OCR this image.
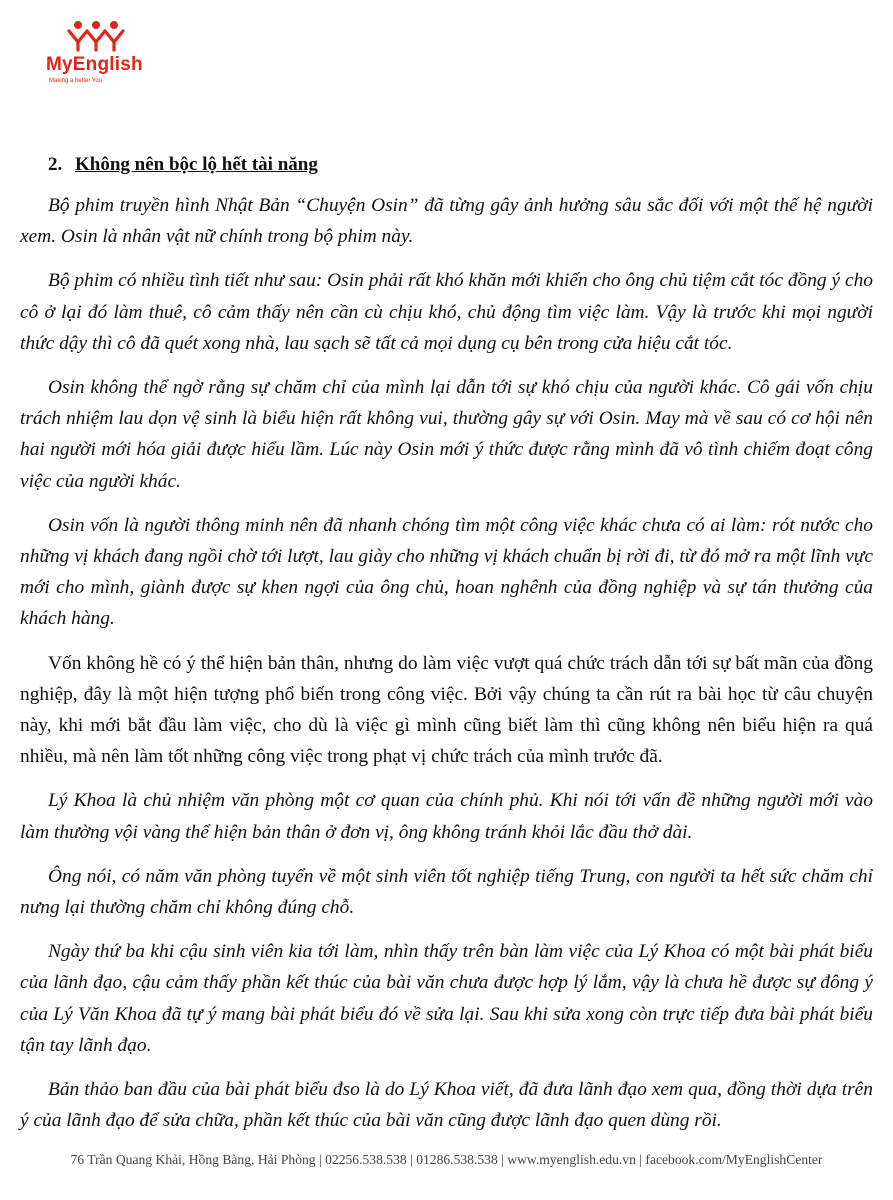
MyEnglish
Making a better You
2. Không nên bộc lộ hết tài năng

Bộ phim truyền hình Nhật Bản “Chuyện Osin” đã từng gây ảnh hưởng sâu sắc đối với một thế hệ người xem. Osin là nhân vật nữ chính trong bộ phim này.

Bộ phim có nhiều tình tiết như sau: Osin phải rất khó khăn mới khiến cho ông chủ tiệm cắt tóc đồng ý cho cô ở lại đó làm thuê, cô cảm thấy nên cần cù chịu khó, chủ động tìm việc làm. Vậy là trước khi mọi người thức dậy thì cô đã quét xong nhà, lau sạch sẽ tất cả mọi dụng cụ bên trong cửa hiệu cắt tóc.

Osin không thể ngờ rằng sự chăm chỉ của mình lại dẫn tới sự khó chịu của người khác. Cô gái vốn chịu trách nhiệm lau dọn vệ sinh là biểu hiện rất không vui, thường gây sự với Osin. May mà về sau có cơ hội nên hai người mới hóa giải được hiểu lầm. Lúc này Osin mới ý thức được rằng mình đã vô tình chiếm đoạt công việc của người khác.

Osin vốn là người thông minh nên đã nhanh chóng tìm một công việc khác chưa có ai làm: rót nước cho những vị khách đang ngồi chờ tới lượt, lau giày cho những vị khách chuẩn bị rời đi, từ đó mở ra một lĩnh vực mới cho mình, giành được sự khen ngợi của ông chủ, hoan nghênh của đồng nghiệp và sự tán thưởng của khách hàng.

Vốn không hề có ý thể hiện bản thân, nhưng do làm việc vượt quá chức trách dẫn tới sự bất mãn của đồng nghiệp, đây là một hiện tượng phổ biến trong công việc. Bởi vậy chúng ta cần rút ra bài học từ câu chuyện này, khi mới bắt đầu làm việc, cho dù là việc gì mình cũng biết làm thì cũng không nên biểu hiện ra quá nhiều, mà nên làm tốt những công việc trong phạt vị chức trách của mình trước đã.

Lý Khoa là chủ nhiệm văn phòng một cơ quan của chính phủ. Khi nói tới vấn đề những người mới vào làm thường vội vàng thể hiện bản thân ở đơn vị, ông không tránh khỏi lắc đầu thở dài.

Ông nói, có năm văn phòng tuyển về một sinh viên tốt nghiệp tiếng Trung, con người ta hết sức chăm chỉ nưng lại thường chăm chỉ không đúng chỗ.

Ngày thứ ba khi cậu sinh viên kia tới làm, nhìn thấy trên bàn làm việc của Lý Khoa có một bài phát biểu của lãnh đạo, cậu cảm thấy phần kết thúc của bài văn chưa được hợp lý lắm, vậy là chưa hề được sự đông ý của Lý Văn Khoa đã tự ý mang bài phát biểu đó về sửa lại. Sau khi sửa xong còn trực tiếp đưa bài phát biểu tận tay lãnh đạo.

Bản thảo ban đầu của bài phát biểu đso là do Lý Khoa viết, đã đưa lãnh đạo xem qua, đồng thời dựa trên ý của lãnh đạo để sửa chữa, phần kết thúc của bài văn cũng được lãnh đạo quen dùng rồi.

76 Trần Quang Khải, Hồng Bàng, Hải Phòng | 02256.538.538 | 01286.538.538 | www.myenglish.edu.vn | facebook.com/MyEnglishCenter
